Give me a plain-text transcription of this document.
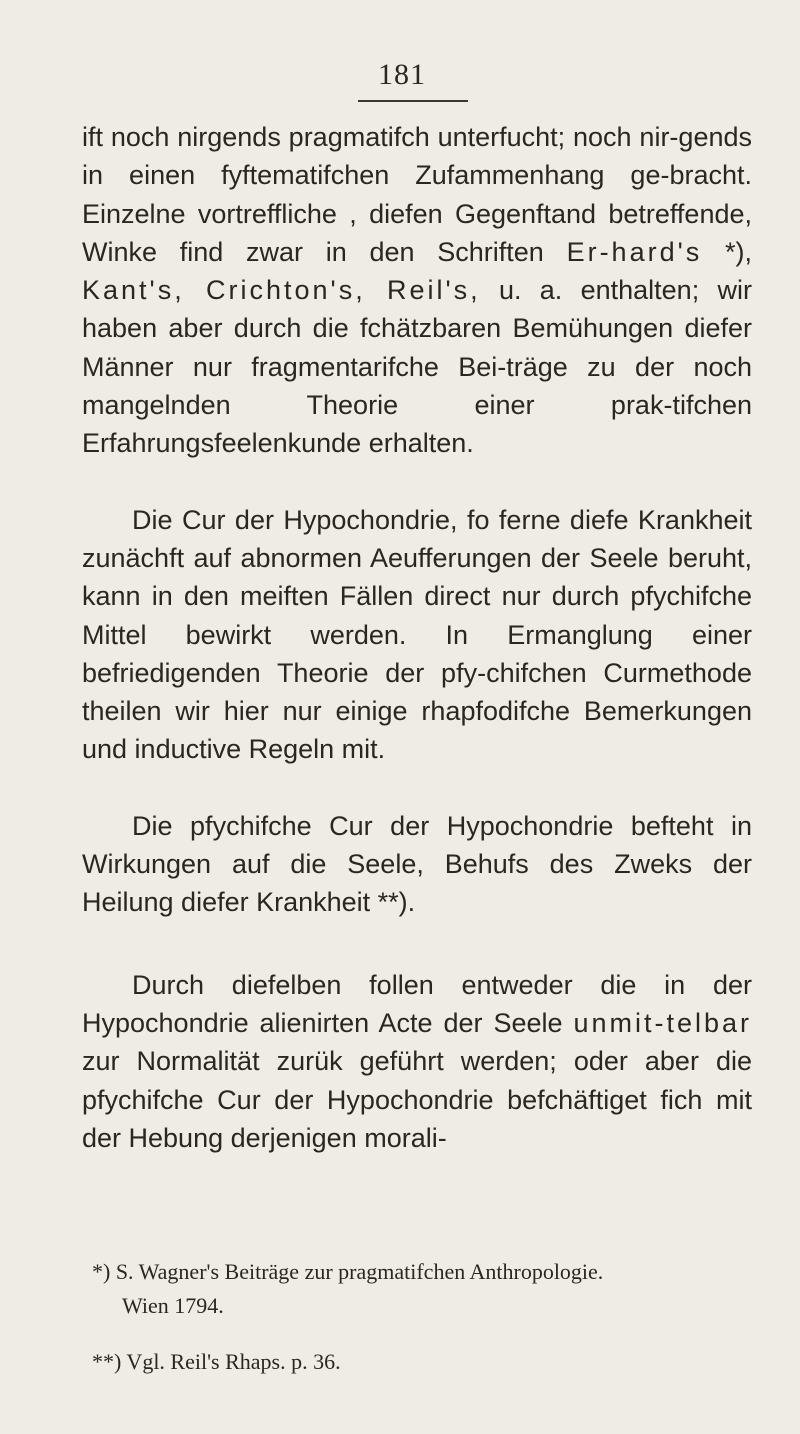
181

ift noch nirgends pragmatifch unterfucht; noch nir-gends in einen fyftematifchen Zufammenhang ge-bracht. Einzelne vortreffliche , diefen Gegenftand betreffende, Winke find zwar in den Schriften Er-hard's *), Kant's, Crichton's, Reil's, u. a. enthalten; wir haben aber durch die fchätzbaren Bemühungen diefer Männer nur fragmentarifche Bei-träge zu der noch mangelnden Theorie einer prak-tifchen Erfahrungsfeelenkunde erhalten.

Die Cur der Hypochondrie, fo ferne diefe Krankheit zunächft auf abnormen Aeufferungen der Seele beruht, kann in den meiften Fällen direct nur durch pfychifche Mittel bewirkt werden. In Ermanglung einer befriedigenden Theorie der pfy-chifchen Curmethode theilen wir hier nur einige rhapfodifche Bemerkungen und inductive Regeln mit.

Die pfychifche Cur der Hypochondrie befteht in Wirkungen auf die Seele, Behufs des Zweks der Heilung diefer Krankheit **).

Durch diefelben follen entweder die in der Hypochondrie alienirten Acte der Seele unmit-telbar zur Normalität zurük geführt werden; oder aber die pfychifche Cur der Hypochondrie befchäftiget fich mit der Hebung derjenigen morali-

*) S. Wagner's Beiträge zur pragmatifchen Anthropologie.
Wien 1794.

**) Vgl. Reil's Rhaps. p. 36.
